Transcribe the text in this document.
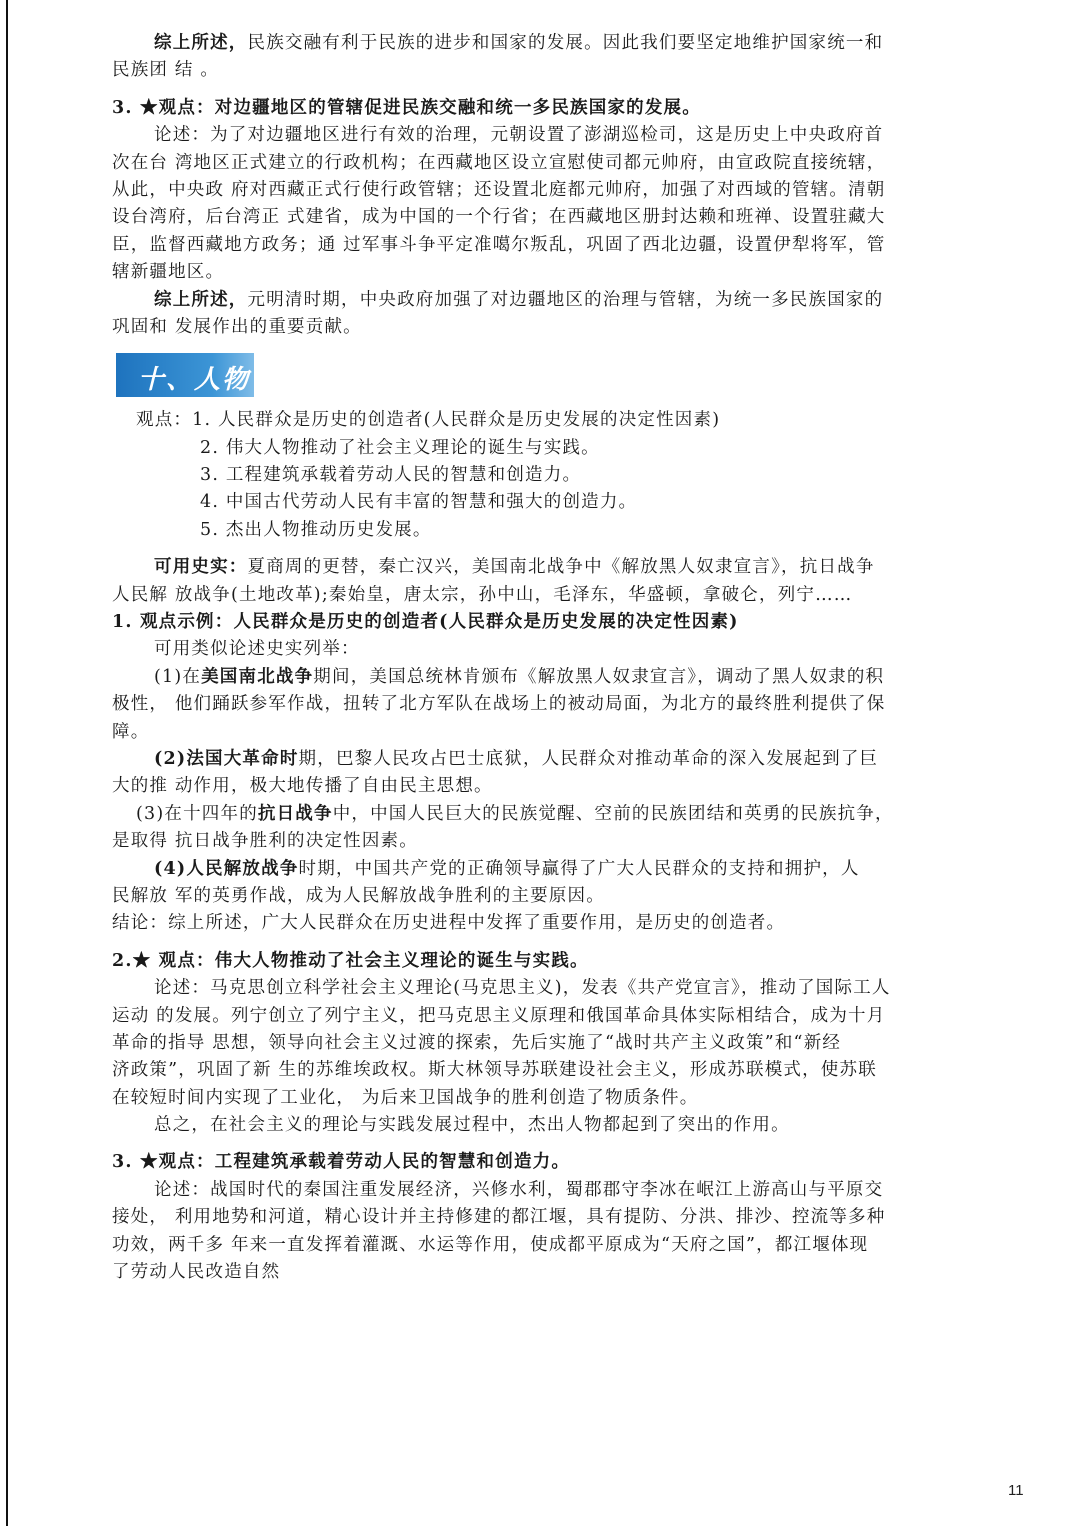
综上所述，民族交融有利于民族的进步和国家的发展。因此我们要坚定地维护国家统一和
民族团 结 。
3. ★观点：对边疆地区的管辖促进民族交融和统一多民族国家的发展。
论述：为了对边疆地区进行有效的治理，元朝设置了澎湖巡检司，这是历史上中央政府首
次在台 湾地区正式建立的行政机构；在西藏地区设立宣慰使司都元帅府，由宣政院直接统辖，
从此，中央政 府对西藏正式行使行政管辖；还设置北庭都元帅府，加强了对西域的管辖。清朝
设台湾府，后台湾正 式建省，成为中国的一个行省；在西藏地区册封达赖和班禅、设置驻藏大
臣，监督西藏地方政务；通 过军事斗争平定准噶尔叛乱，巩固了西北边疆，设置伊犁将军，管
辖新疆地区。
综上所述，元明清时期，中央政府加强了对边疆地区的治理与管辖，为统一多民族国家的
巩固和 发展作出的重要贡献。
十、人物
观点：1. 人民群众是历史的创造者(人民群众是历史发展的决定性因素)
2. 伟大人物推动了社会主义理论的诞生与实践。
3. 工程建筑承载着劳动人民的智慧和创造力。
4. 中国古代劳动人民有丰富的智慧和强大的创造力。
5. 杰出人物推动历史发展。
可用史实：夏商周的更替，秦亡汉兴，美国南北战争中《解放黑人奴隶宣言》，抗日战争
人民解 放战争(土地改革);秦始皇，唐太宗，孙中山，毛泽东，华盛顿，拿破仑，列宁……
1. 观点示例：人民群众是历史的创造者(人民群众是历史发展的决定性因素)
可用类似论述史实列举：
(1)在美国南北战争期间，美国总统林肯颁布《解放黑人奴隶宣言》，调动了黑人奴隶的积
极性， 他们踊跃参军作战，扭转了北方军队在战场上的被动局面，为北方的最终胜利提供了保
障。
(2)法国大革命时期，巴黎人民攻占巴士底狱，人民群众对推动革命的深入发展起到了巨
大的推 动作用，极大地传播了自由民主思想。
(3)在十四年的抗日战争中，中国人民巨大的民族觉醒、空前的民族团结和英勇的民族抗争，
是取得 抗日战争胜利的决定性因素。
(4)人民解放战争时期，中国共产党的正确领导赢得了广大人民群众的支持和拥护，人
民解放 军的英勇作战，成为人民解放战争胜利的主要原因。
结论：综上所述，广大人民群众在历史进程中发挥了重要作用，是历史的创造者。
2.★ 观点：伟大人物推动了社会主义理论的诞生与实践。
论述：马克思创立科学社会主义理论(马克思主义)，发表《共产党宣言》，推动了国际工人
运动 的发展。列宁创立了列宁主义，把马克思主义原理和俄国革命具体实际相结合，成为十月
革命的指导 思想，领导向社会主义过渡的探索，先后实施了“战时共产主义政策”和“新经
济政策”，巩固了新 生的苏维埃政权。斯大林领导苏联建设社会主义，形成苏联模式，使苏联
在较短时间内实现了工业化， 为后来卫国战争的胜利创造了物质条件。
总之，在社会主义的理论与实践发展过程中，杰出人物都起到了突出的作用。
3. ★观点：工程建筑承载着劳动人民的智慧和创造力。
论述：战国时代的秦国注重发展经济，兴修水利，蜀郡郡守李冰在岷江上游高山与平原交
接处， 利用地势和河道，精心设计并主持修建的都江堰，具有提防、分洪、排沙、控流等多种
功效，两千多 年来一直发挥着灌溉、水运等作用，使成都平原成为“天府之国”，都江堰体现
了劳动人民改造自然
11
